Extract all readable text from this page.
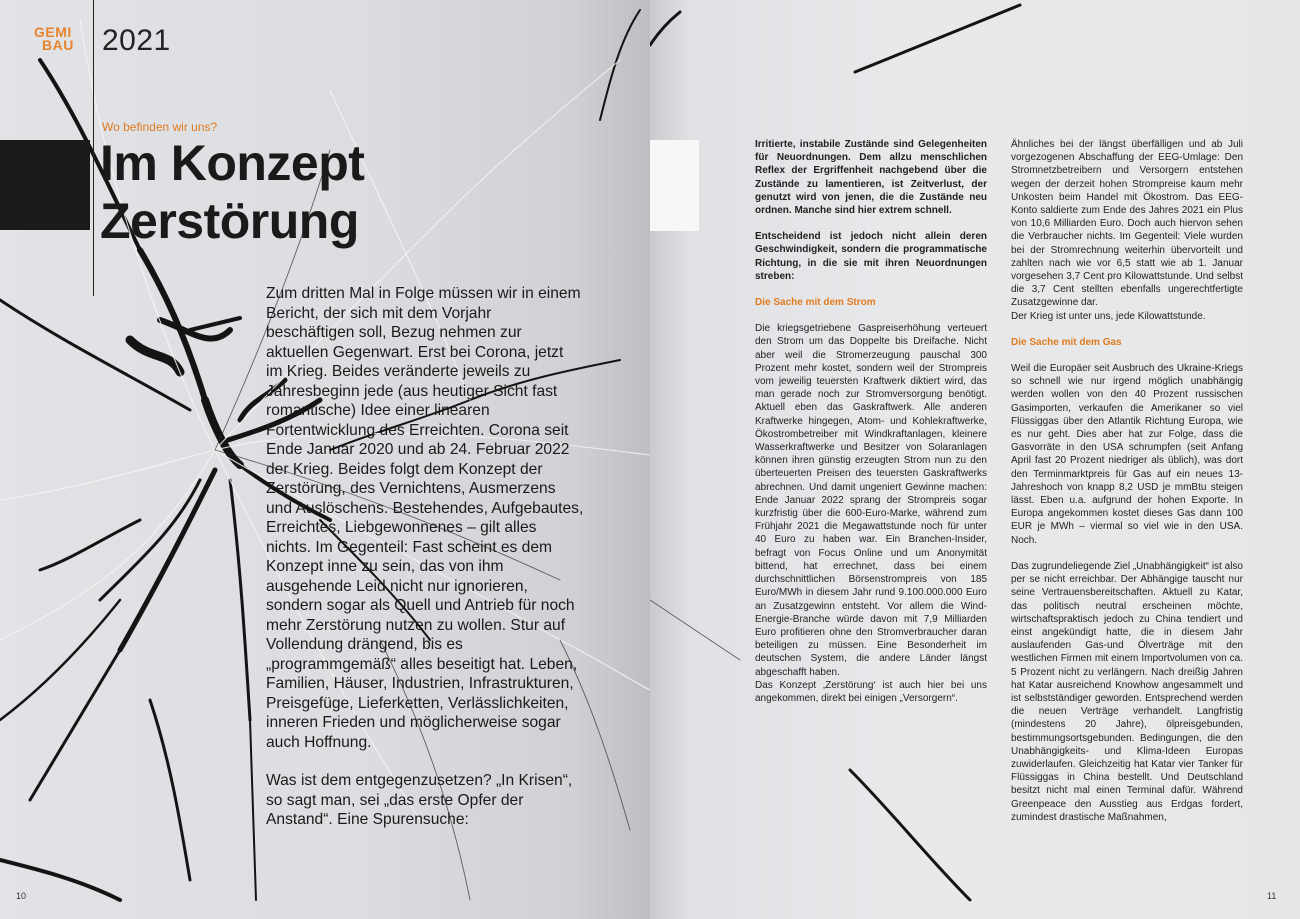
GEMI
BAU 2021
Wo befinden wir uns?
Im Konzept
Zerstörung

Zum dritten Mal in Folge müssen wir in einem Bericht, der sich mit dem Vorjahr beschäftigen soll, Bezug nehmen zur aktuellen Gegenwart. Erst bei Corona, jetzt im Krieg. Beides veränderte jeweils zu Jahresbeginn jede (aus heutiger Sicht fast romantische) Idee einer linearen Fortentwicklung des Erreichten. Corona seit Ende Januar 2020 und ab 24. Februar 2022 der Krieg. Beides folgt dem Konzept der Zerstörung, des Vernichtens, Ausmerzens und Auslöschens. Bestehendes, Aufgebautes, Erreichtes, Liebgewonnenes – gilt alles nichts. Im Gegenteil: Fast scheint es dem Konzept inne zu sein, das von ihm ausgehende Leid nicht nur ignorieren, sondern sogar als Quell und Antrieb für noch mehr Zerstörung nutzen zu wollen. Stur auf Vollendung drängend, bis es „programmgemäß“ alles beseitigt hat. Leben, Familien, Häuser, Industrien, Infrastrukturen, Preisgefüge, Lieferketten, Verlässlichkeiten, inneren Frieden und möglicherweise sogar auch Hoffnung.

Was ist dem entgegenzusetzen? „In Krisen“, so sagt man, sei „das erste Opfer der Anstand“. Eine Spurensuche:

10

Irritierte, instabile Zustände sind Gelegenheiten für Neuordnungen. Dem allzu menschlichen Reflex der Ergriffenheit nachgebend über die Zustände zu lamentieren, ist Zeitverlust, der genutzt wird von jenen, die die Zustände neu ordnen. Manche sind hier extrem schnell.

Entscheidend ist jedoch nicht allein deren Geschwindigkeit, sondern die programmatische Richtung, in die sie mit ihren Neuordnungen streben:

Die Sache mit dem Strom

Die kriegsgetriebene Gaspreiserhöhung verteuert den Strom um das Doppelte bis Dreifache. Nicht aber weil die Stromerzeugung pauschal 300 Prozent mehr kostet, sondern weil der Strompreis vom jeweilig teuersten Kraftwerk diktiert wird, das man gerade noch zur Stromversorgung benötigt. Aktuell eben das Gaskraftwerk. Alle anderen Kraftwerke hingegen, Atom- und Kohlekraftwerke, Ökostrombetreiber mit Windkraftanlagen, kleinere Wasserkraftwerke und Besitzer von Solaranlagen können ihren günstig erzeugten Strom nun zu den überteuerten Preisen des teuersten Gaskraftwerks abrechnen. Und damit ungeniert Gewinne machen: Ende Januar 2022 sprang der Strompreis sogar kurzfristig über die 600-Euro-Marke, während zum Frühjahr 2021 die Megawattstunde noch für unter 40 Euro zu haben war. Ein Branchen-Insider, befragt von Focus Online und um Anonymität bittend, hat errechnet, dass bei einem durchschnittlichen Börsenstrompreis von 185 Euro/MWh in diesem Jahr rund 9.100.000.000 Euro an Zusatzgewinn entsteht. Vor allem die Wind-Energie-Branche würde davon mit 7,9 Milliarden Euro profitieren ohne den Stromverbraucher daran beteiligen zu müssen. Eine Besonderheit im deutschen System, die andere Länder längst abgeschafft haben.

Das Konzept ‚Zerstörung‘ ist auch hier bei uns angekommen, direkt bei einigen „Versorgern“.

Ähnliches bei der längst überfälligen und ab Juli vorgezogenen Abschaffung der EEG-Umlage: Den Stromnetzbetreibern und Versorgern entstehen wegen der derzeit hohen Strompreise kaum mehr Unkosten beim Handel mit Ökostrom. Das EEG-Konto saldierte zum Ende des Jahres 2021 ein Plus von 10,6 Milliarden Euro. Doch auch hiervon sehen die Verbraucher nichts. Im Gegenteil: Viele wurden bei der Stromrechnung weiterhin übervorteilt und zahlten nach wie vor 6,5 statt wie ab 1. Januar vorgesehen 3,7 Cent pro Kilowattstunde. Und selbst die 3,7 Cent stellten ebenfalls ungerechtfertigte Zusatzgewinne dar.

Der Krieg ist unter uns, jede Kilowattstunde.

Die Sache mit dem Gas

Weil die Europäer seit Ausbruch des Ukraine-Kriegs so schnell wie nur irgend möglich unabhängig werden wollen von den 40 Prozent russischen Gasimporten, verkaufen die Amerikaner so viel Flüssiggas über den Atlantik Richtung Europa, wie es nur geht. Dies aber hat zur Folge, dass die Gasvorräte in den USA schrumpfen (seit Anfang April fast 20 Prozent niedriger als üblich), was dort den Terminmarktpreis für Gas auf ein neues 13-Jahreshoch von knapp 8,2 USD je mmBtu steigen lässt. Eben u.a. aufgrund der hohen Exporte. In Europa angekommen kostet dieses Gas dann 100 EUR je MWh – viermal so viel wie in den USA. Noch.

Das zugrundeliegende Ziel „Unabhängigkeit“ ist also per se nicht erreichbar. Der Abhängige tauscht nur seine Vertrauensbereitschaften. Aktuell zu Katar, das politisch neutral erscheinen möchte, wirtschaftspraktisch jedoch zu China tendiert und einst angekündigt hatte, die in diesem Jahr auslaufenden Gas-und Ölverträge mit den westlichen Firmen mit einem Importvolumen von ca. 5 Prozent nicht zu verlängern. Nach dreißig Jahren hat Katar ausreichend Knowhow angesammelt und ist selbstständiger geworden. Entsprechend werden die neuen Verträge verhandelt. Langfristig (mindestens 20 Jahre), ölpreisgebunden, bestimmungsortsgebunden. Bedingungen, die den Unabhängigkeits- und Klima-Ideen Europas zuwiderlaufen. Gleichzeitig hat Katar vier Tanker für Flüssiggas in China bestellt. Und Deutschland besitzt nicht mal einen Terminal dafür. Während Greenpeace den Ausstieg aus Erdgas fordert, zumindest drastische Maßnahmen,

11
